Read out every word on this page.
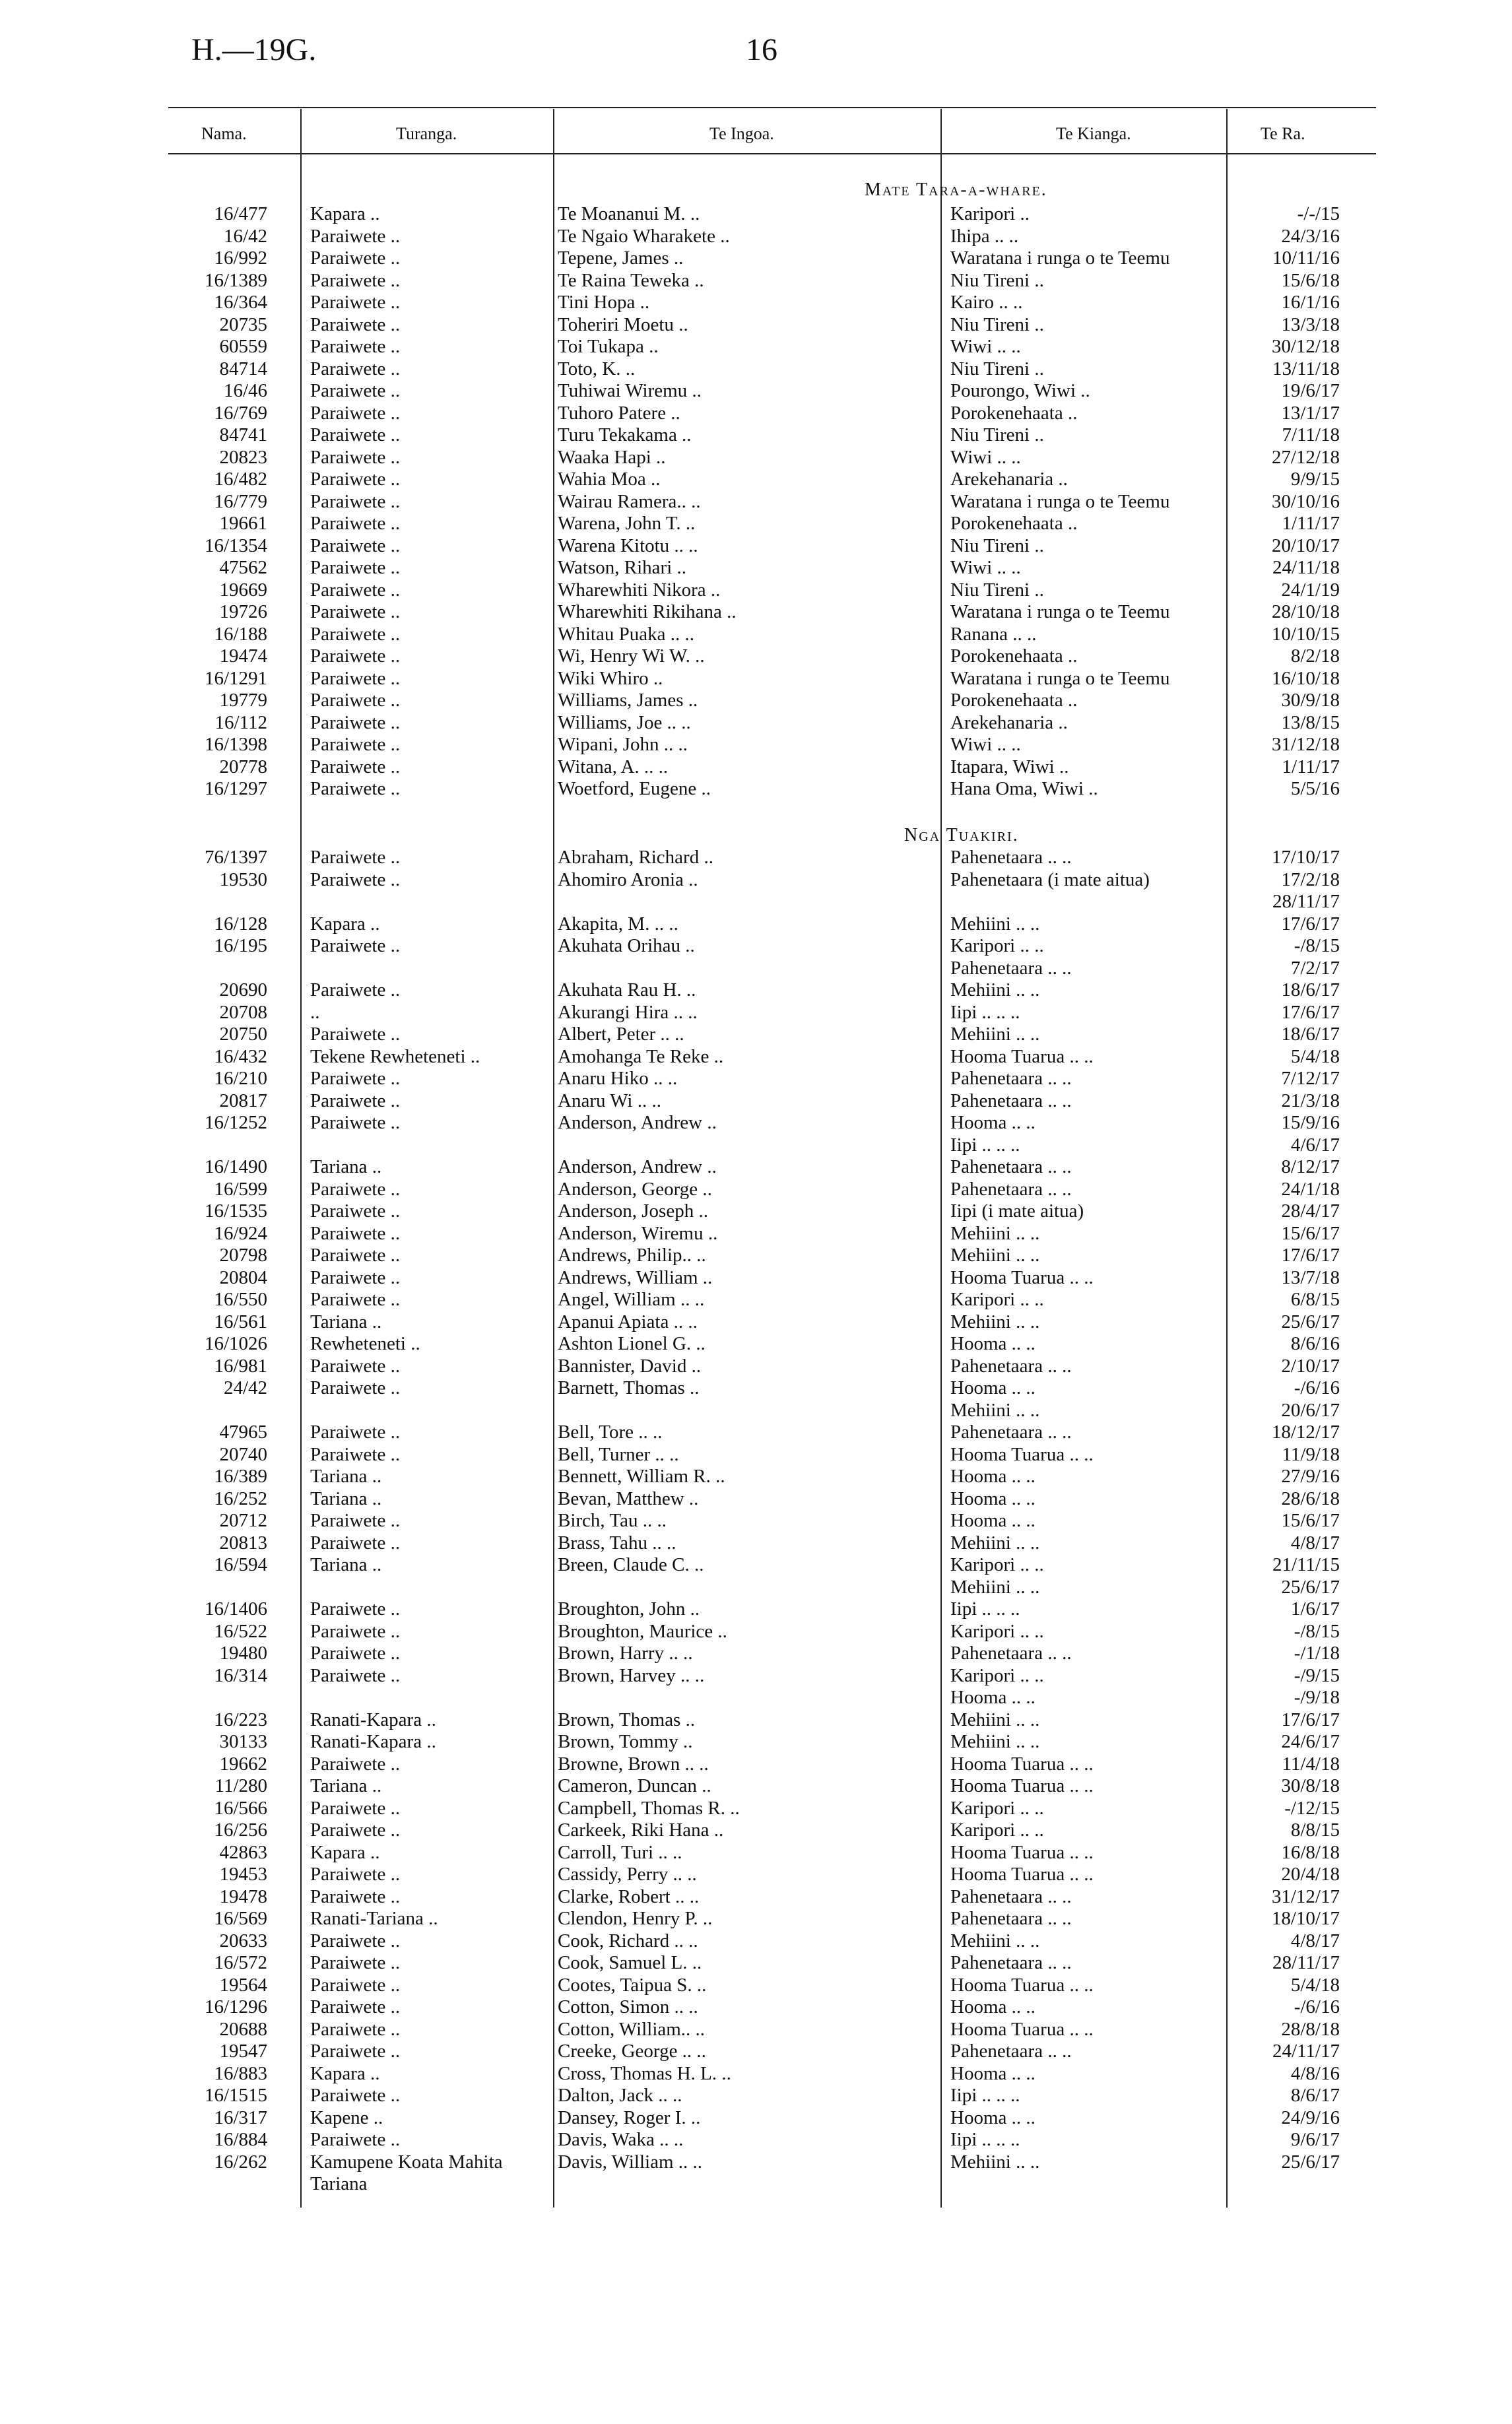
H.—19G.	16
Nama.	Turanga.	Te Ingoa.	Te Kianga.	Te Ra.
Mate Tara-a-whare.
16/477 Kapara ..	Te Moananui M. ..	Karipori ..	-/-/15
16/42 Paraiwete ..	Te Ngaio Wharakete ..	Ihipa .. ..	24/3/16
16/992 Paraiwete ..	Tepene, James ..	Waratana i runga o te Teemu	10/11/16
16/1389 Paraiwete ..	Te Raina Teweka ..	Niu Tireni ..	15/6/18
16/364 Paraiwete ..	Tini Hopa ..	Kairo .. ..	16/1/16
20735 Paraiwete ..	Toheriri Moetu ..	Niu Tireni ..	13/3/18
60559 Paraiwete ..	Toi Tukapa ..	Wiwi .. ..	30/12/18
84714 Paraiwete ..	Toto, K. ..	Niu Tireni ..	13/11/18
16/46 Paraiwete ..	Tuhiwai Wiremu ..	Pourongo, Wiwi ..	19/6/17
16/769 Paraiwete ..	Tuhoro Patere ..	Porokenehaata ..	13/1/17
84741 Paraiwete ..	Turu Tekakama ..	Niu Tireni ..	7/11/18
20823 Paraiwete ..	Waaka Hapi ..	Wiwi .. ..	27/12/18
16/482 Paraiwete ..	Wahia Moa ..	Arekehanaria ..	9/9/15
16/779 Paraiwete ..	Wairau Ramera.. ..	Waratana i runga o te Teemu	30/10/16
19661 Paraiwete ..	Warena, John T. ..	Porokenehaata ..	1/11/17
16/1354 Paraiwete ..	Warena Kitotu .. ..	Niu Tireni ..	20/10/17
47562 Paraiwete ..	Watson, Rihari ..	Wiwi .. ..	24/11/18
19669 Paraiwete ..	Wharewhiti Nikora ..	Niu Tireni ..	24/1/19
19726 Paraiwete ..	Wharewhiti Rikihana ..	Waratana i runga o te Teemu	28/10/18
16/188 Paraiwete ..	Whitau Puaka .. ..	Ranana .. ..	10/10/15
19474 Paraiwete ..	Wi, Henry Wi W. ..	Porokenehaata ..	8/2/18
16/1291 Paraiwete ..	Wiki Whiro ..	Waratana i runga o te Teemu	16/10/18
19779 Paraiwete ..	Williams, James ..	Porokenehaata ..	30/9/18
16/112 Paraiwete ..	Williams, Joe .. ..	Arekehanaria ..	13/8/15
16/1398 Paraiwete ..	Wipani, John .. ..	Wiwi .. ..	31/12/18
20778 Paraiwete ..	Witana, A. .. ..	Itapara, Wiwi ..	1/11/17
16/1297 Paraiwete ..	Woetford, Eugene ..	Hana Oma, Wiwi ..	5/5/16
Nga Tuakiri.
76/1397 Paraiwete ..	Abraham, Richard ..	Pahenetaara .. ..	17/10/17
19530 Paraiwete ..	Ahomiro Aronia ..	Pahenetaara (i mate aitua)	17/2/18
28/11/17
16/128 Kapara ..	Akapita, M. .. ..	Mehiini .. ..	17/6/17
16/195 Paraiwete ..	Akuhata Orihau ..	Karipori .. ..	-/8/15
Pahenetaara .. ..	7/2/17
20690 Paraiwete ..	Akuhata Rau H. ..	Mehiini .. ..	18/6/17
20708 ..	Akurangi Hira .. ..	Iipi .. .. ..	17/6/17
20750 Paraiwete ..	Albert, Peter .. ..	Mehiini .. ..	18/6/17
16/432 Tekene Rewheteneti ..	Amohanga Te Reke ..	Hooma Tuarua .. ..	5/4/18
16/210 Paraiwete ..	Anaru Hiko .. ..	Pahenetaara .. ..	7/12/17
20817 Paraiwete ..	Anaru Wi .. ..	Pahenetaara .. ..	21/3/18
16/1252 Paraiwete ..	Anderson, Andrew ..	Hooma .. ..	15/9/16
Iipi .. .. ..	4/6/17
16/1490 Tariana ..	Anderson, Andrew ..	Pahenetaara .. ..	8/12/17
16/599 Paraiwete ..	Anderson, George ..	Pahenetaara .. ..	24/1/18
16/1535 Paraiwete ..	Anderson, Joseph ..	Iipi (i mate aitua)	28/4/17
16/924 Paraiwete ..	Anderson, Wiremu ..	Mehiini .. ..	15/6/17
20798 Paraiwete ..	Andrews, Philip.. ..	Mehiini .. ..	17/6/17
20804 Paraiwete ..	Andrews, William ..	Hooma Tuarua .. ..	13/7/18
16/550 Paraiwete ..	Angel, William .. ..	Karipori .. ..	6/8/15
16/561 Tariana ..	Apanui Apiata .. ..	Mehiini .. ..	25/6/17
16/1026 Rewheteneti ..	Ashton Lionel G. ..	Hooma .. ..	8/6/16
16/981 Paraiwete ..	Bannister, David ..	Pahenetaara .. ..	2/10/17
24/42 Paraiwete ..	Barnett, Thomas ..	Hooma .. ..	-/6/16
Mehiini .. ..	20/6/17
47965 Paraiwete ..	Bell, Tore .. ..	Pahenetaara .. ..	18/12/17
20740 Paraiwete ..	Bell, Turner .. ..	Hooma Tuarua .. ..	11/9/18
16/389 Tariana ..	Bennett, William R. ..	Hooma .. ..	27/9/16
16/252 Tariana ..	Bevan, Matthew ..	Hooma .. ..	28/6/18
20712 Paraiwete ..	Birch, Tau .. ..	Hooma .. ..	15/6/17
20813 Paraiwete ..	Brass, Tahu .. ..	Mehiini .. ..	4/8/17
16/594 Tariana ..	Breen, Claude C. ..	Karipori .. ..	21/11/15
Mehiini .. ..	25/6/17
16/1406 Paraiwete ..	Broughton, John ..	Iipi .. .. ..	1/6/17
16/522 Paraiwete ..	Broughton, Maurice ..	Karipori .. ..	-/8/15
19480 Paraiwete ..	Brown, Harry .. ..	Pahenetaara .. ..	-/1/18
16/314 Paraiwete ..	Brown, Harvey .. ..	Karipori .. ..	-/9/15
Hooma .. ..	-/9/18
16/223 Ranati-Kapara ..	Brown, Thomas ..	Mehiini .. ..	17/6/17
30133 Ranati-Kapara ..	Brown, Tommy ..	Mehiini .. ..	24/6/17
19662 Paraiwete ..	Browne, Brown .. ..	Hooma Tuarua .. ..	11/4/18
11/280 Tariana ..	Cameron, Duncan ..	Hooma Tuarua .. ..	30/8/18
16/566 Paraiwete ..	Campbell, Thomas R. ..	Karipori .. ..	-/12/15
16/256 Paraiwete ..	Carkeek, Riki Hana ..	Karipori .. ..	8/8/15
42863 Kapara ..	Carroll, Turi .. ..	Hooma Tuarua .. ..	16/8/18
19453 Paraiwete ..	Cassidy, Perry .. ..	Hooma Tuarua .. ..	20/4/18
19478 Paraiwete ..	Clarke, Robert .. ..	Pahenetaara .. ..	31/12/17
16/569 Ranati-Tariana ..	Clendon, Henry P. ..	Pahenetaara .. ..	18/10/17
20633 Paraiwete ..	Cook, Richard .. ..	Mehiini .. ..	4/8/17
16/572 Paraiwete ..	Cook, Samuel L. ..	Pahenetaara .. ..	28/11/17
19564 Paraiwete ..	Cootes, Taipua S. ..	Hooma Tuarua .. ..	5/4/18
16/1296 Paraiwete ..	Cotton, Simon .. ..	Hooma .. ..	-/6/16
20688 Paraiwete ..	Cotton, William.. ..	Hooma Tuarua .. ..	28/8/18
19547 Paraiwete ..	Creeke, George .. ..	Pahenetaara .. ..	24/11/17
16/883 Kapara ..	Cross, Thomas H. L. ..	Hooma .. ..	4/8/16
16/1515 Paraiwete ..	Dalton, Jack .. ..	Iipi .. .. ..	8/6/17
16/317 Kapene ..	Dansey, Roger I. ..	Hooma .. ..	24/9/16
16/884 Paraiwete ..	Davis, Waka .. ..	Iipi .. .. ..	9/6/17
16/262 Kamupene Koata Mahita	Davis, William .. ..	Mehiini .. ..	25/6/17
Tariana
